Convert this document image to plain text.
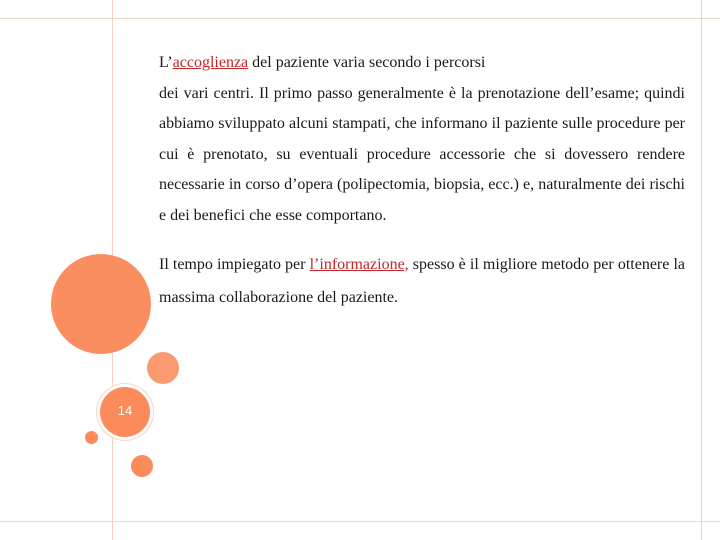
14

L’accoglienza del paziente varia secondo i percorsi
dei vari centri. Il primo passo generalmente è la prenotazione dell’esame; quindi abbiamo sviluppato alcuni stampati, che informano il paziente sulle procedure per cui è prenotato, su eventuali procedure accessorie che si dovessero rendere necessarie in corso d’opera (polipectomia, biopsia, ecc.) e, naturalmente dei rischi e dei benefici che esse comportano.

Il tempo impiegato per l’informazione, spesso è il migliore metodo per ottenere la massima collaborazione del paziente.
